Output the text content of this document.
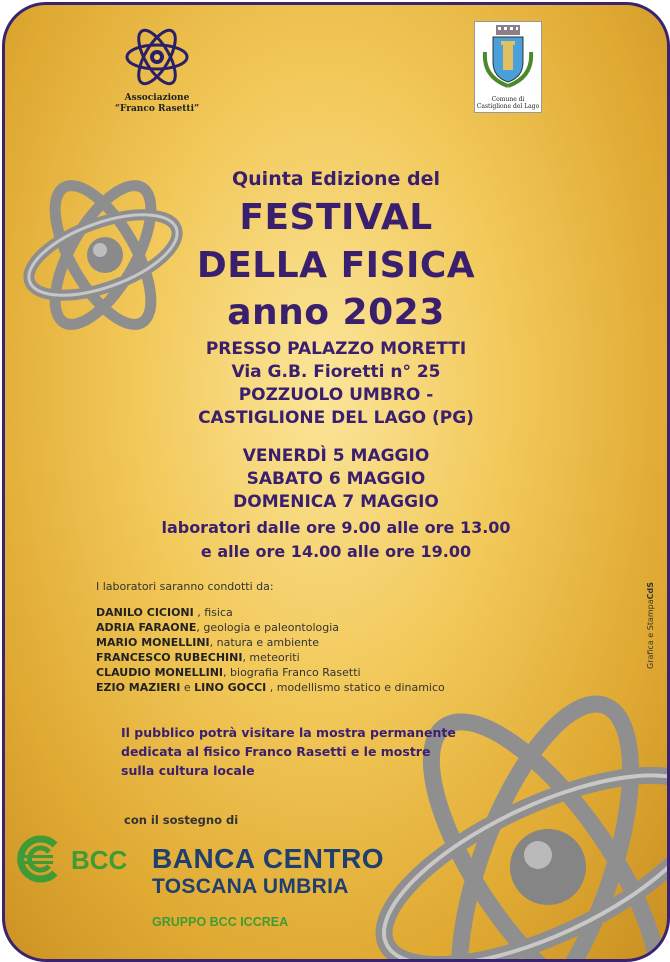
Associazione
“Franco Rasetti”
Comune di
Castiglione del Lago
Quinta Edizione del
FESTIVAL
DELLA FISICA
anno 2023
PRESSO PALAZZO MORETTI
Via G.B. Fioretti n° 25
POZZUOLO UMBRO -
CASTIGLIONE DEL LAGO (PG)
VENERDÌ 5 MAGGIO
SABATO 6 MAGGIO
DOMENICA 7 MAGGIO
laboratori dalle ore 9.00 alle ore 13.00
e alle ore 14.00 alle ore 19.00
I laboratori saranno condotti da:
DANILO CICIONI , fisica
ADRIA FARAONE, geologia e paleontologia
MARIO MONELLINI, natura e ambiente
FRANCESCO RUBECHINI, meteoriti
CLAUDIO MONELLINI, biografia Franco Rasetti
EZIO MAZIERI e LINO GOCCI , modellismo statico e dinamico
Il pubblico potrà visitare la mostra permanente
dedicata al fisico Franco Rasetti e le mostre
sulla cultura locale
con il sostegno di
BCC BANCA CENTRO
TOSCANA UMBRIA
GRUPPO BCC ICCREA
Grafica e StampaCdS
